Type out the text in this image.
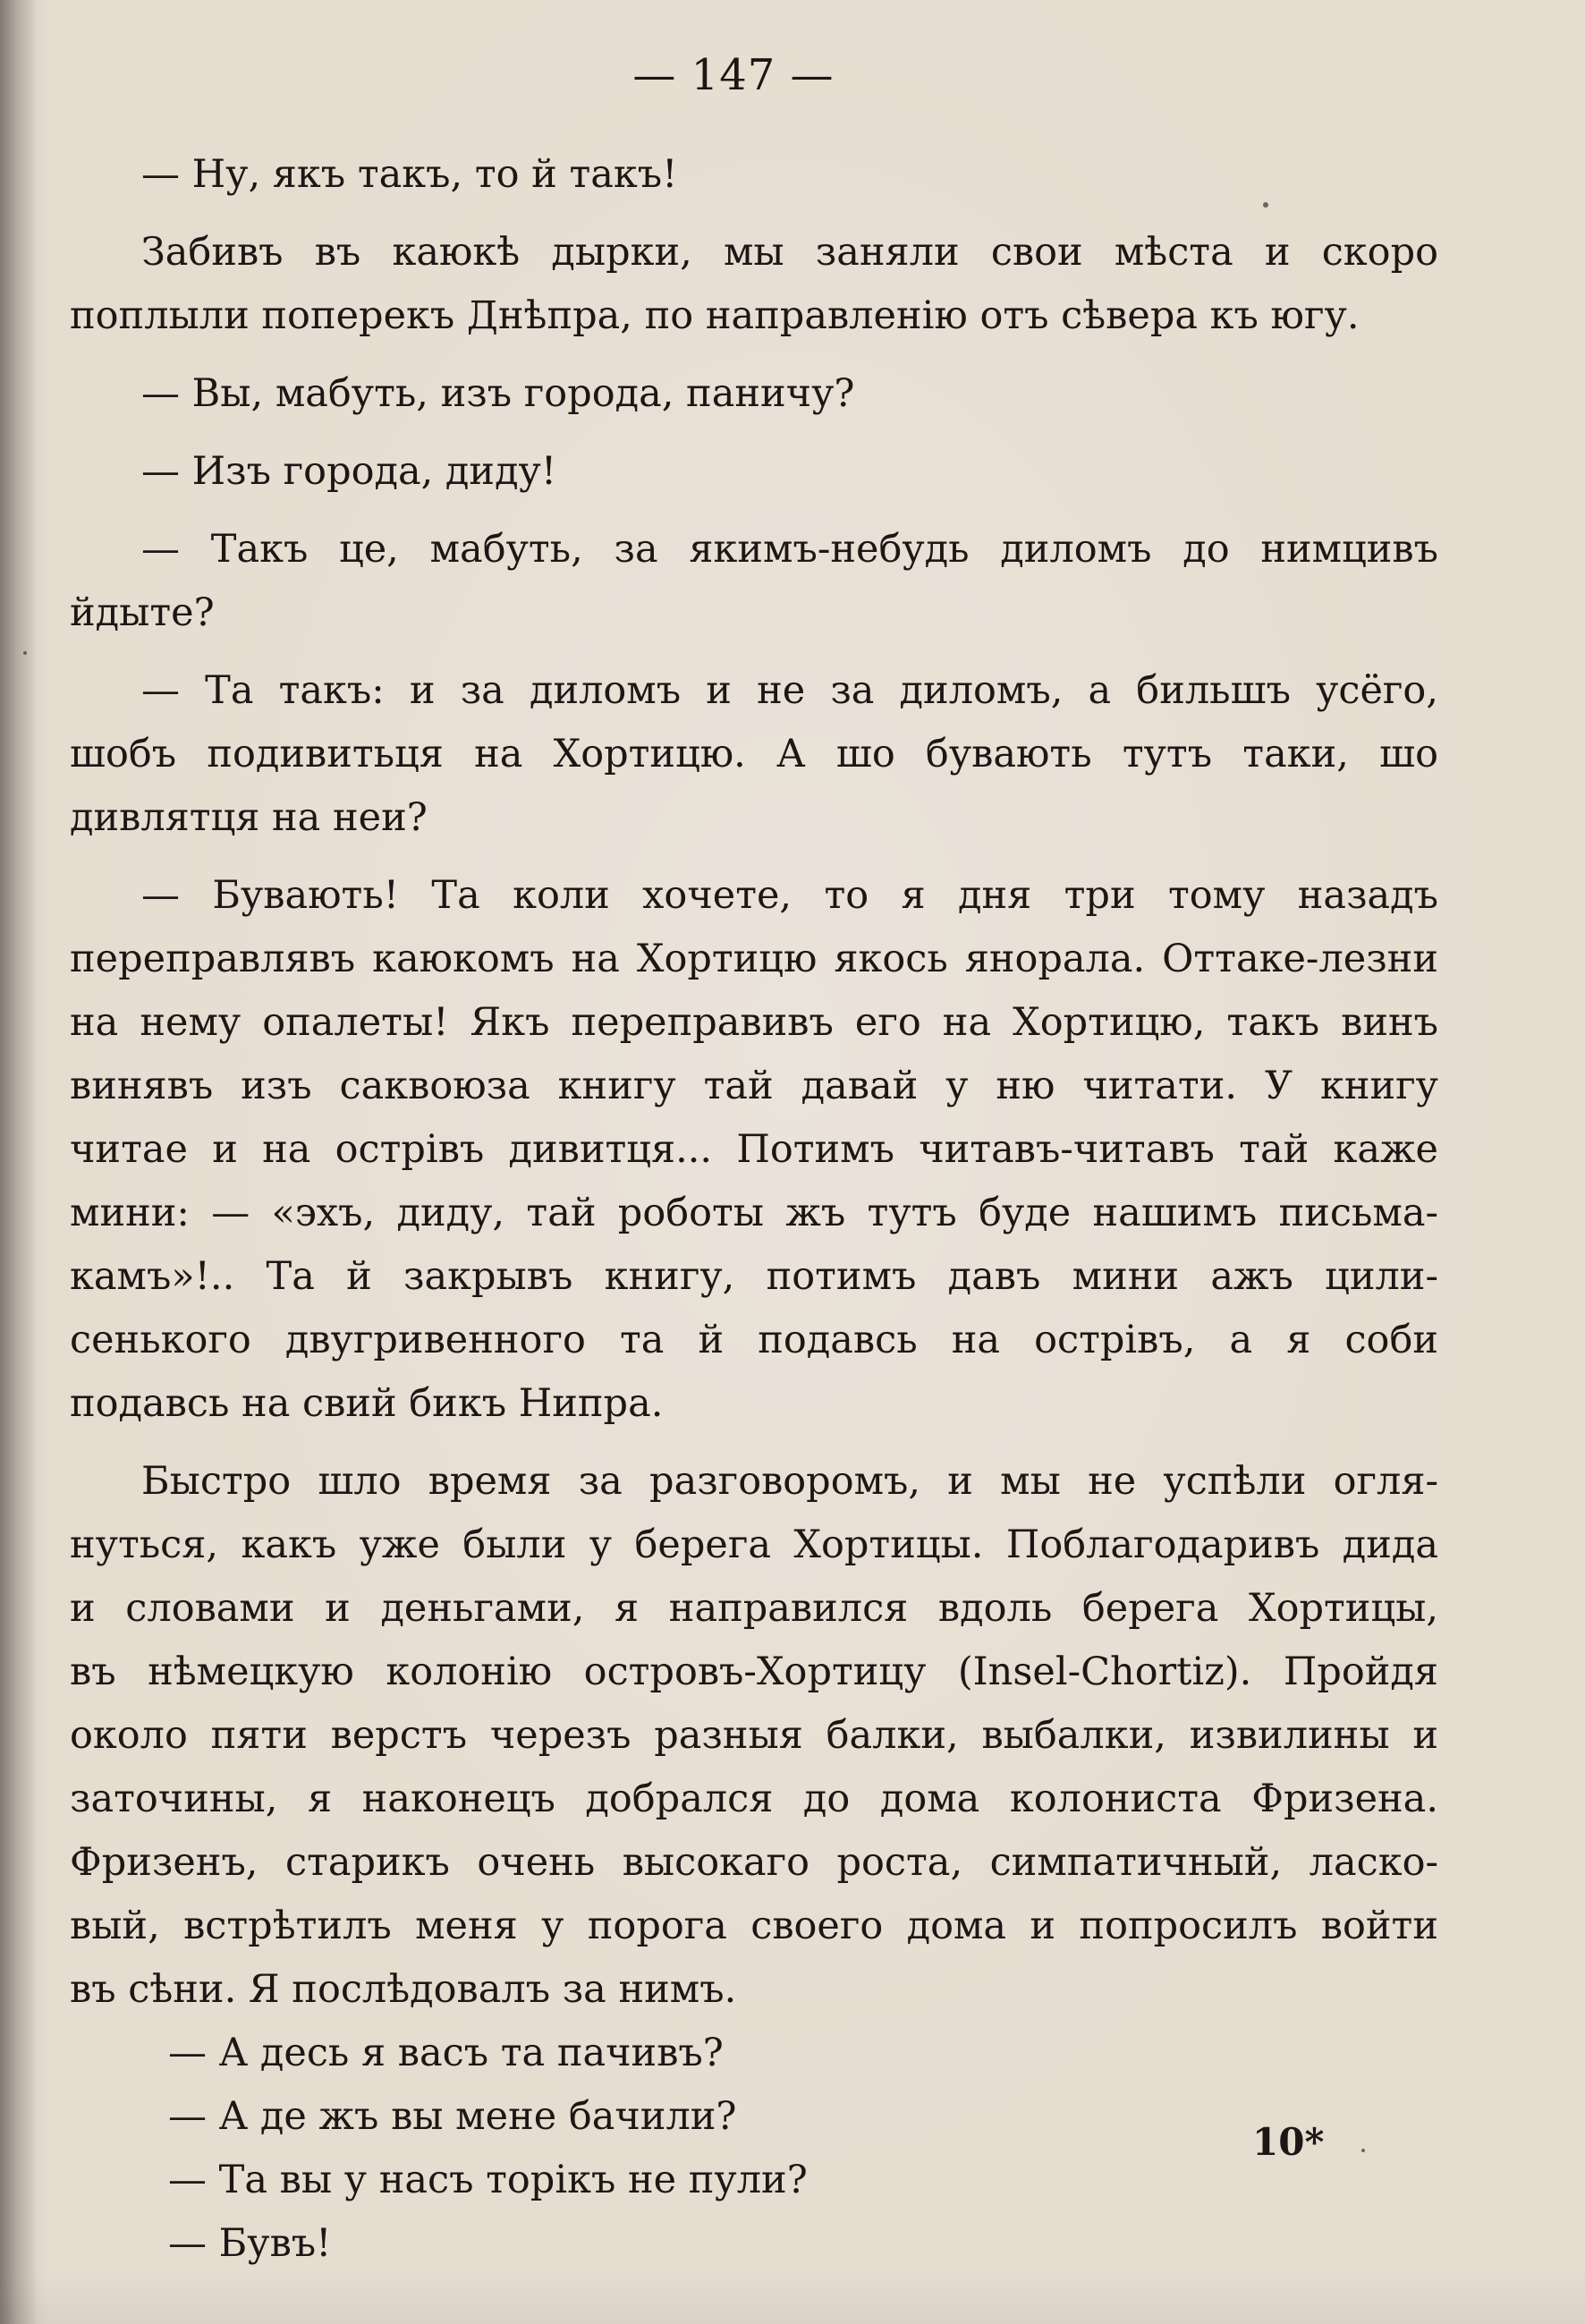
— 147 —
— Ну, якъ такъ, то й такъ!
Забивъ въ каюкѣ дырки, мы заняли свои мѣста и скоро
поплыли поперекъ Днѣпра, по направленію отъ сѣвера къ югу.
— Вы, мабуть, изъ города, паничу?
— Изъ города, диду!
— Такъ це, мабуть, за якимъ-небудь диломъ до нимцивъ
йдыте?
— Та такъ: и за диломъ и не за диломъ, а бильшъ усёго,
шобъ подивитьця на Хортицю. А шо бувають тутъ таки, шо
дивлятця на неи?
— Бувають! Та коли хочете, то я дня три тому назадъ
переправлявъ каюкомъ на Хортицю якось янорала. Оттаке-лезни
на нему опалеты! Якъ переправивъ его на Хортицю, такъ винъ
винявъ изъ саквоюза книгу тай давай у ню читати. У книгу
читае и на острівъ дивитця... Потимъ читавъ-читавъ тай каже
мини: — «эхъ, диду, тай роботы жъ тутъ буде нашимъ письма-
камъ»!.. Та й закрывъ книгу, потимъ давъ мини ажъ цили-
сенького двугривенного та й подавсь на острівъ, а я соби
подавсь на свий бикъ Нипра.
Быстро шло время за разговоромъ, и мы не успѣли огля-
нуться, какъ уже были у берега Хортицы. Поблагодаривъ дида
и словами и деньгами, я направился вдоль берега Хортицы,
въ нѣмецкую колонію островъ-Хортицу (Insel-Chortiz). Пройдя
около пяти верстъ черезъ разныя балки, выбалки, извилины и
заточины, я наконецъ добрался до дома колониста Фризена.
Фризенъ, старикъ очень высокаго роста, симпатичный, ласко-
вый, встрѣтилъ меня у порога своего дома и попросилъ войти
въ сѣни. Я послѣдовалъ за нимъ.
— А десь я васъ та пачивъ?
— А де жъ вы мене бачили?
— Та вы у насъ торікъ не пули?
— Бувъ!
10*
